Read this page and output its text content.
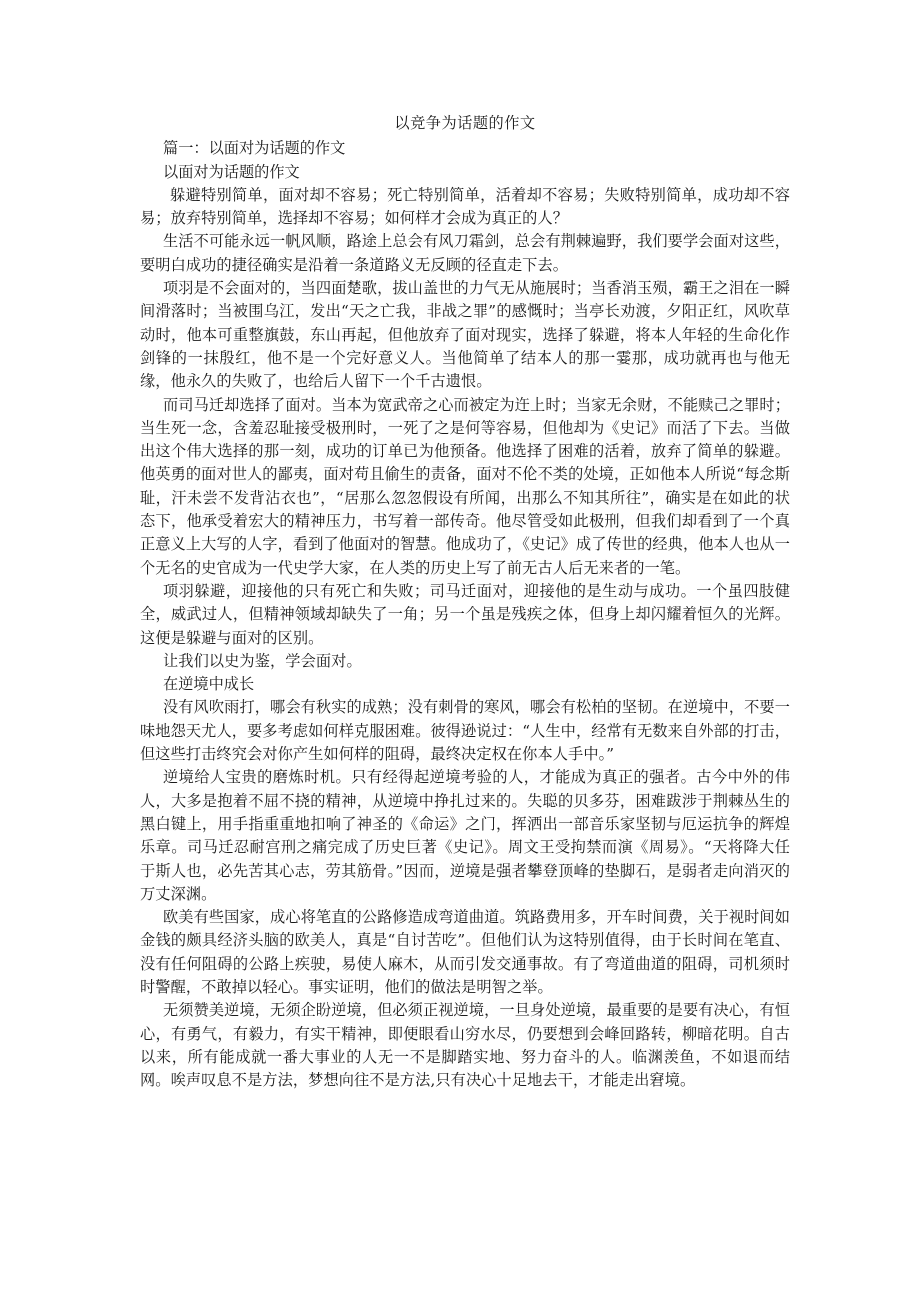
以竞争为话题的作文

篇一：以面对为话题的作文

以面对为话题的作文

躲避特别简单，面对却不容易；死亡特别简单，活着却不容易；失败特别简单，成功却不容易；放弃特别简单，选择却不容易；如何样才会成为真正的人？

生活不可能永远一帆风顺，路途上总会有风刀霜剑，总会有荆棘遍野，我们要学会面对这些，要明白成功的捷径确实是沿着一条道路义无反顾的径直走下去。

项羽是不会面对的，当四面楚歌，拔山盖世的力气无从施展时；当香消玉殒，霸王之泪在一瞬间滑落时；当被围乌江，发出“天之亡我，非战之罪”的感慨时；当亭长劝渡，夕阳正红，风吹草动时，他本可重整旗鼓，东山再起，但他放弃了面对现实，选择了躲避，将本人年轻的生命化作剑锋的一抹殷红，他不是一个完好意义人。当他简单了结本人的那一霎那，成功就再也与他无缘，他永久的失败了，也给后人留下一个千古遗恨。

而司马迁却选择了面对。当本为宽武帝之心而被定为迕上时；当家无余财，不能赎己之罪时；当生死一念，含羞忍耻接受极刑时，一死了之是何等容易，但他却为《史记》而活了下去。当做出这个伟大选择的那一刻，成功的订单已为他预备。他选择了困难的活着，放弃了简单的躲避。他英勇的面对世人的鄙夷，面对苟且偷生的责备，面对不伦不类的处境，正如他本人所说“每念斯耻，汗未尝不发背沾衣也”，“居那么忽忽假设有所闻，出那么不知其所往”，确实是在如此的状态下，他承受着宏大的精神压力，书写着一部传奇。他尽管受如此极刑，但我们却看到了一个真正意义上大写的人字，看到了他面对的智慧。他成功了，《史记》成了传世的经典，他本人也从一个无名的史官成为一代史学大家，在人类的历史上写了前无古人后无来者的一笔。

项羽躲避，迎接他的只有死亡和失败；司马迁面对，迎接他的是生动与成功。一个虽四肢健全，威武过人，但精神领域却缺失了一角；另一个虽是残疾之体，但身上却闪耀着恒久的光辉。这便是躲避与面对的区别。

让我们以史为鉴，学会面对。

在逆境中成长

没有风吹雨打，哪会有秋实的成熟；没有刺骨的寒风，哪会有松柏的坚韧。在逆境中，不要一味地怨天尤人，要多考虑如何样克服困难。彼得逊说过：“人生中，经常有无数来自外部的打击，但这些打击终究会对你产生如何样的阻碍，最终决定权在你本人手中。”

逆境给人宝贵的磨炼时机。只有经得起逆境考验的人，才能成为真正的强者。古今中外的伟人，大多是抱着不屈不挠的精神，从逆境中挣扎过来的。失聪的贝多芬，困难跋涉于荆棘丛生的黑白键上，用手指重重地扣响了神圣的《命运》之门，挥洒出一部音乐家坚韧与厄运抗争的辉煌乐章。司马迁忍耐宫刑之痛完成了历史巨著《史记》。周文王受拘禁而演《周易》。“天将降大任于斯人也，必先苦其心志，劳其筋骨。”因而，逆境是强者攀登顶峰的垫脚石，是弱者走向消灭的万丈深渊。

欧美有些国家，成心将笔直的公路修造成弯道曲道。筑路费用多，开车时间费，关于视时间如金钱的颇具经济头脑的欧美人，真是“自讨苦吃”。但他们认为这特别值得，由于长时间在笔直、没有任何阻碍的公路上疾驶，易使人麻木，从而引发交通事故。有了弯道曲道的阻碍，司机须时时警醒，不敢掉以轻心。事实证明，他们的做法是明智之举。

无须赞美逆境，无须企盼逆境，但必须正视逆境，一旦身处逆境，最重要的是要有决心，有恒心，有勇气，有毅力，有实干精神，即便眼看山穷水尽，仍要想到会峰回路转，柳暗花明。自古以来，所有能成就一番大事业的人无一不是脚踏实地、努力奋斗的人。临渊羡鱼，不如退而结网。唉声叹息不是方法，梦想向往不是方法,只有决心十足地去干，才能走出窘境。
